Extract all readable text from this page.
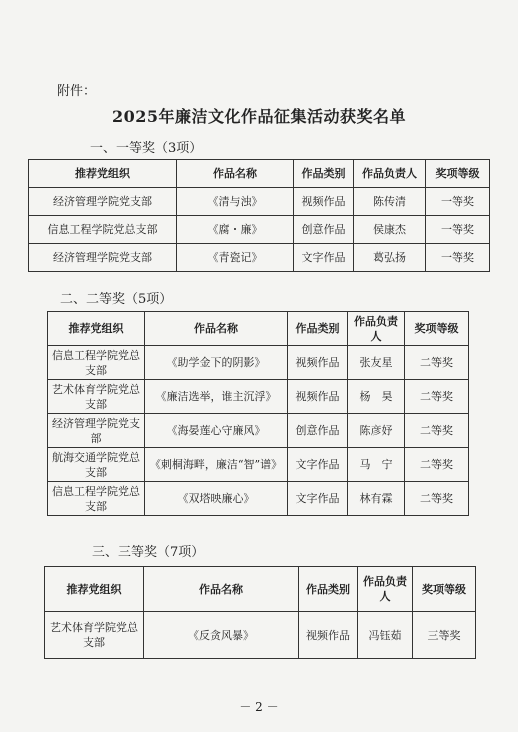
附件：
2025年廉洁文化作品征集活动获奖名单
一、一等奖（3项）
推荐党组织	作品名称	作品类别	作品负责人	奖项等级
经济管理学院党支部	《清与浊》	视频作品	陈传清	一等奖
信息工程学院党总支部	《腐・廉》	创意作品	侯康杰	一等奖
经济管理学院党支部	《青瓷记》	文字作品	葛弘扬	一等奖
二、二等奖（5项）
推荐党组织	作品名称	作品类别	作品负责人	奖项等级
信息工程学院党总支部	《助学金下的阴影》	视频作品	张友星	二等奖
艺术体育学院党总支部	《廉洁选举，谁主沉浮》	视频作品	杨　昊	二等奖
经济管理学院党支部	《海晏莲心守廉风》	创意作品	陈彦妤	二等奖
航海交通学院党总支部	《刺桐海畔，廉洁“智”谱》	文字作品	马　宁	二等奖
信息工程学院党总支部	《双塔映廉心》	文字作品	林有霖	二等奖
三、三等奖（7项）
推荐党组织	作品名称	作品类别	作品负责人	奖项等级
艺术体育学院党总支部	《反贪风暴》	视频作品	冯钰茹	三等奖
－ 2 －
